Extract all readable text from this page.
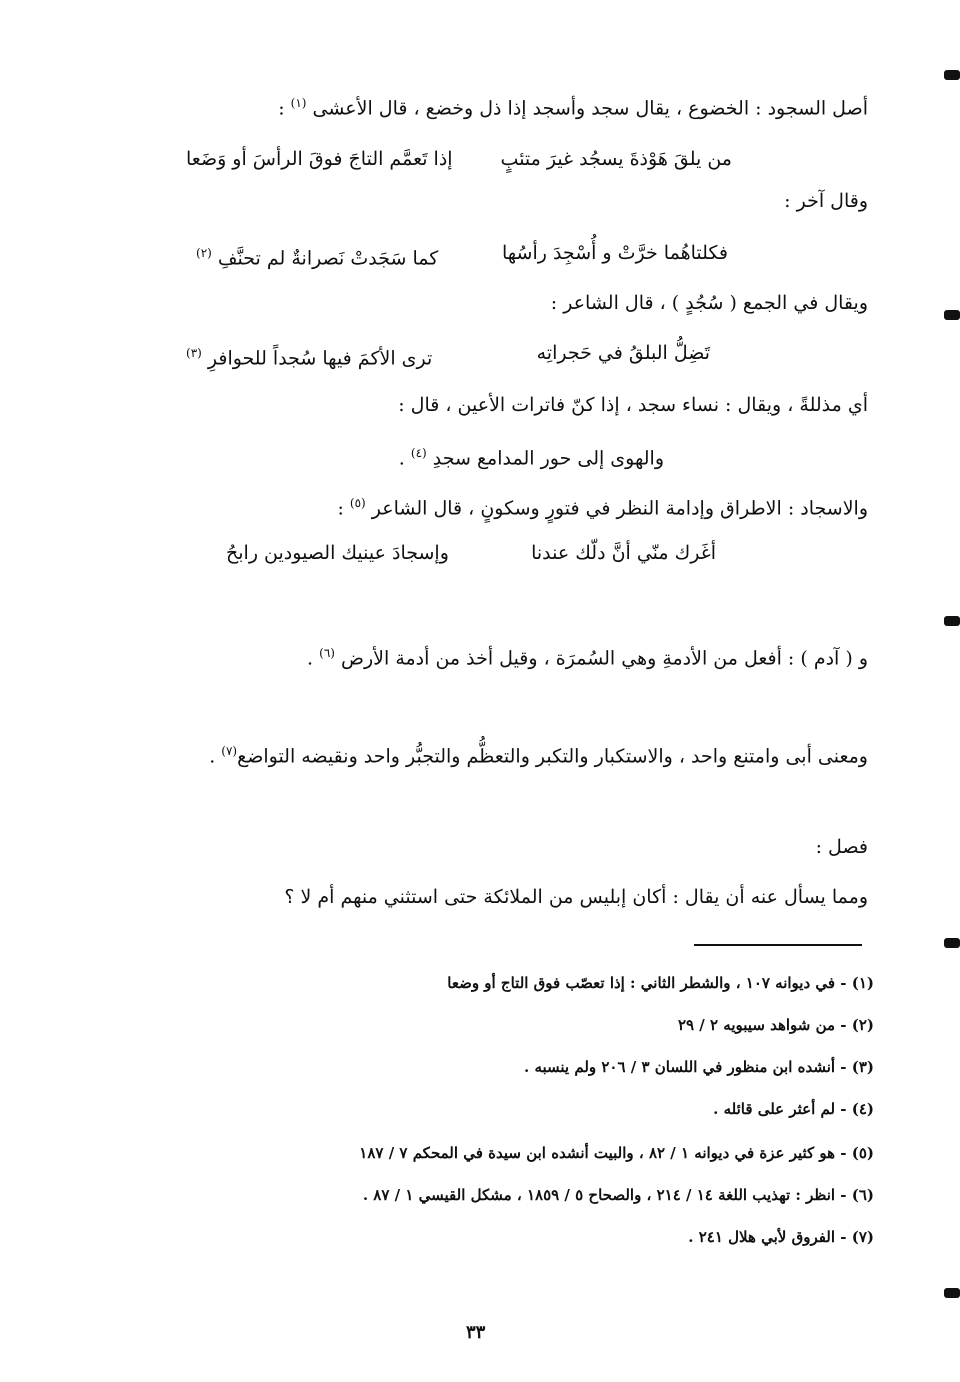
أصل السجود : الخضوع ، يقال سجد وأسجد إذا ذل وخضع ، قال الأعشى $^{(١)}$ :
من يلقَ هَوْذةَ يسجُد غيرَ متئبٍ
إذا تَعمَّم التاجَ فوقَ الرأسَ أو وَضَعا
وقال آخر :
فكلتاهُما خرَّتْ و أُسْجِدَ رأسُها
كما سَجَدتْ نَصرانةٌ لم تحنَّفِ $^{(٢)}$
ويقال في الجمع ( سُجُدٍ ) ، قال الشاعر :
تَضِلُّ البلقُ في حَجراتِه
ترى الأكمَ فيها سُجداً للحوافرِ $^{(٣)}$
أي مذللةً ، ويقال : نساء سجد ، إذا كنّ فاترات الأعين ، قال :
والهوى إلى حور المدامع سجدِ $^{(٤)}$ .
والاسجاد : الاطراق وإدامة النظر في فتورٍ وسكونٍ ، قال الشاعر $^{(٥)}$ :
أغَرك منّي أنَّ دلّك عندنا
وإسجادَ عينيك الصيودين رابحُ
و ( آدم ) : أفعل من الأدمةِ وهي السُمرَة ، وقيل أخذ من أدمة الأرض $^{(٦)}$ .
ومعنى أبى وامتنع واحد ، والاستكبار والتكبر والتعظُّم والتجبُّر واحد ونقيضه التواضع$^{(٧)}$ .
فصل :
ومما يسأل عنه أن يقال : أكان إبليس من الملائكة حتى استثني منهم أم لا ؟
(١) - في ديوانه ١٠٧ ، والشطر الثاني : إذا تعصّب فوق التاج أو وضعا
(٢) - من شواهد سيبويه ٢ / ٢٩
(٣) - أنشده ابن منظور في اللسان ٣ / ٢٠٦ ولم ينسبه .
(٤) - لم أعثر على قائله .
(٥) - هو كثير عزة في ديوانه ١ / ٨٢ ، والبيت أنشده ابن سيدة في المحكم ٧ / ١٨٧
(٦) - انظر : تهذيب اللغة ١٤ / ٢١٤ ، والصحاح ٥ / ١٨٥٩ ، مشكل القيسي ١ / ٨٧ .
(٧) - الفروق لأبي هلال ٢٤١ .
٣٣
